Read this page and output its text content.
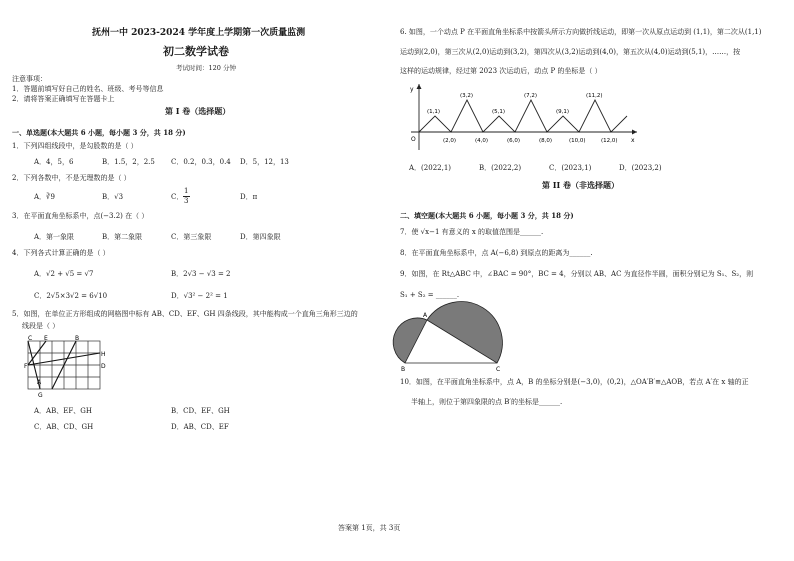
抚州一中 2023-2024 学年度上学期第一次质量监测
初二数学试卷
考试时间：120 分钟
注意事项：
1．答题前填写好自己的姓名、班级、考号等信息
2．请将答案正确填写在答题卡上
第 I 卷（选择题）
一、单选题(本大题共 6 小题，每小题 3 分，共 18 分)
1．下列四组线段中，是勾股数的是（ ）
A．4，5，6	B．1.5，2，2.5 C．0.2，0.3，0.4 D．5，12，13
2．下列各数中，不是无理数的是（ ）
A．∛9	B．√3	C．
1
3	D．π
3．在平面直角坐标系中，点(−3.2) 在（ ）
A．第一象限	B．第二象限	C．第三象限	D．第四象限
4．下列各式计算正确的是（ ）
A．√2 + √5 = √7	B．2√3 − √3 = 2
C．2√5×3√2 = 6√10	D．√3² − 2² = 1
5．如图，在单位正方形组成的网格图中标有 AB、CD、EF、GH 四条线段，其中能构成一个直角三角形三边的
线段是（ ）
C E	B
H
D
F
A
G
A．AB、EF、GH	B．CD、EF、GH
C．AB、CD、GH	D．AB、CD、EF
6. 如图，一个动点 P 在平面直角坐标系中按箭头所示方向做折线运动，即第一次从原点运动到 (1,1)，第二次从(1,1)
运动到(2,0)，第三次从(2,0)运动到(3,2)，第四次从(3,2)运动到(4,0)，第五次从(4,0)运动到(5,1)，……，按
这样的运动规律，经过第 2023 次运动后，动点 P 的坐标是（ ）
y
x
O
(1,1)
(3,2)
(5,1)
(7,2)
(9,1)
(11,2)
(2,0)	(4,0)	(6,0)	(8,0)	(10,0)	(12,0)
A．(2022,1)	B．(2022,2)	C．(2023,1)	D．(2023,2)
第 II 卷（非选择题）
二、填空题(本大题共 6 小题，每小题 3 分，共 18 分)
7．使 √x−1 有意义的 x 的取值范围是______.
8．在平面直角坐标系中，点 A(−6,8) 到原点的距离为______.
9．如图，在 Rt△ABC 中，∠BAC = 90°，BC = 4，分别以 AB、AC 为直径作半圆，面积分别记为 S₁、S₂，则
S₁ + S₂ = ______.
A
B	C
10．如图，在平面直角坐标系中，点 A，B 的坐标分别是(−3,0)，(0,2)，△OA′B′≌△AOB，若点 A′在 x 轴的正
半轴上，则位于第四象限的点 B′的坐标是______.
答案第 1页，共 3页
